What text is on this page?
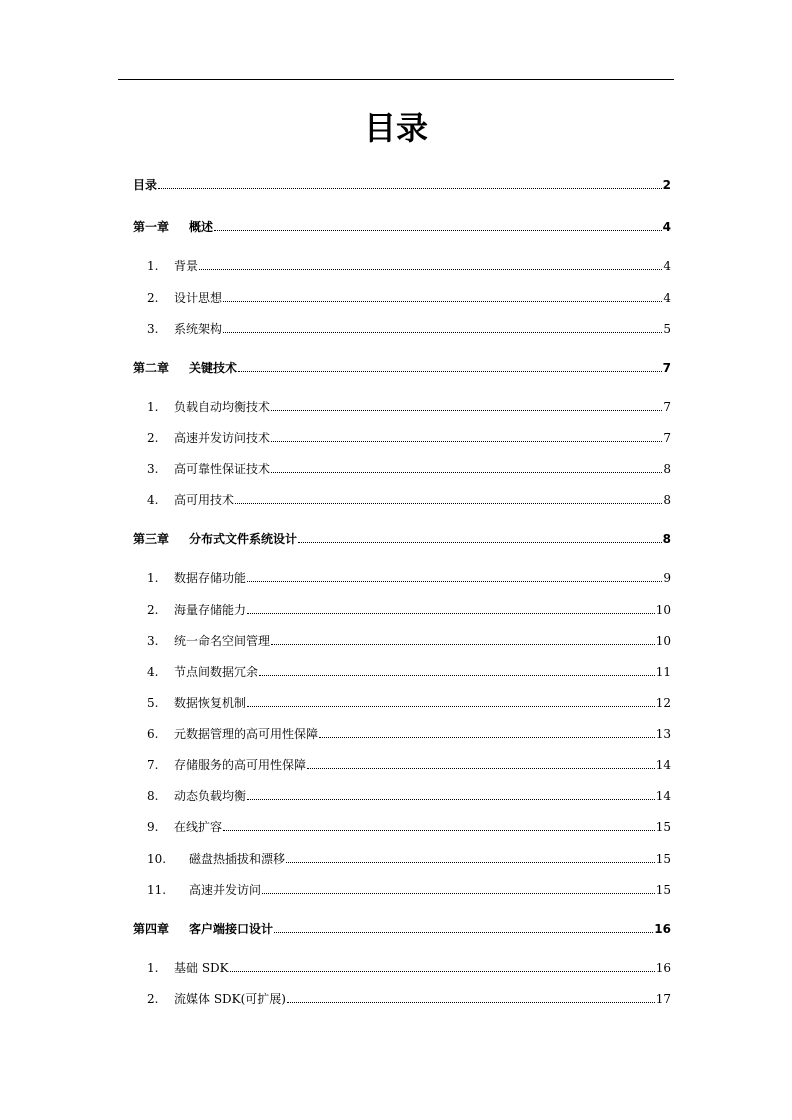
目录
目录	2
第一章	概述	4
1.	背景	4
2.	设计思想	4
3.	系统架构	5
第二章	关键技术	7
1.	负载自动均衡技术	7
2.	高速并发访问技术	7
3.	高可靠性保证技术	8
4.	高可用技术	8
第三章	分布式文件系统设计	8
1.	数据存储功能	9
2.	海量存储能力	10
3.	统一命名空间管理	10
4.	节点间数据冗余	11
5.	数据恢复机制	12
6.	元数据管理的高可用性保障	13
7.	存储服务的高可用性保障	14
8.	动态负载均衡	14
9.	在线扩容	15
10.	磁盘热插拔和漂移	15
11.	高速并发访问	15
第四章	客户端接口设计	16
1.	基础 SDK	16
2.	流媒体 SDK(可扩展)	17
